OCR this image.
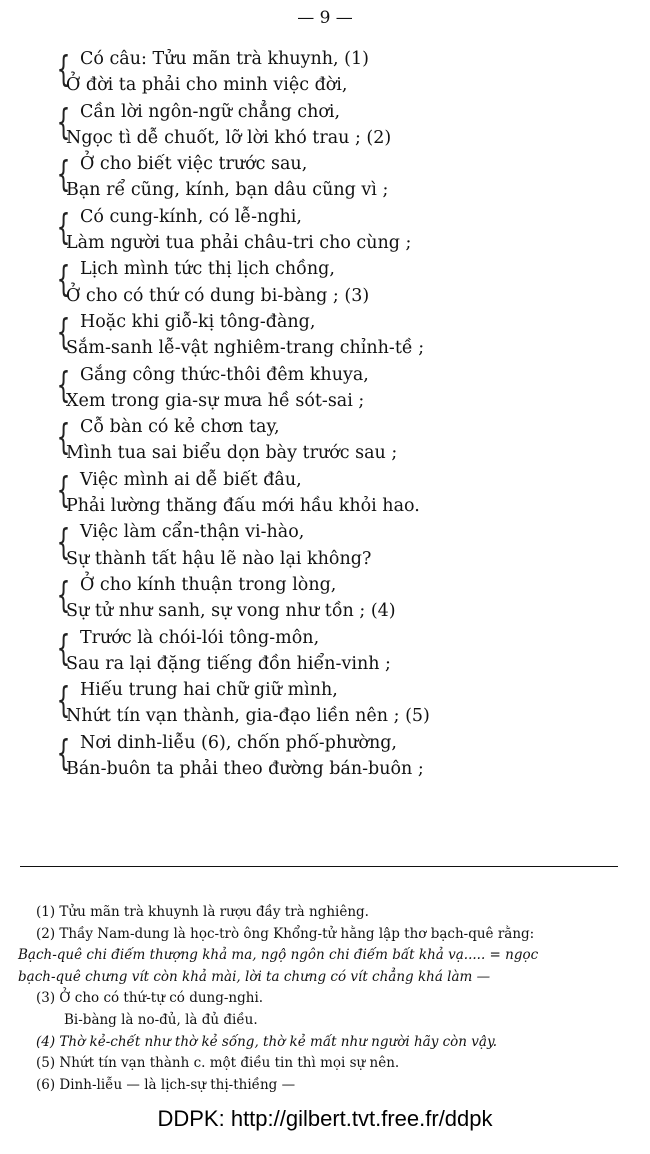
— 9 —
{ Có câu: Tửu mãn trà khuynh, (1)
Ở đời ta phải cho minh việc đời,
{ Cần lời ngôn-ngữ chẳng chơi,
Ngọc tì dễ chuốt, lỡ lời khó trau ; (2)
{ Ở cho biết việc trước sau,
Bạn rể cũng, kính, bạn dâu cũng vì ;
{ Có cung-kính, có lễ-nghi,
Làm người tua phải châu-tri cho cùng ;
{ Lịch mình tức thị lịch chồng,
Ở cho có thứ có dung bi-bàng ; (3)
{ Hoặc khi giỗ-kị tông-đàng,
Sắm-sanh lễ-vật nghiêm-trang chỉnh-tề ;
{ Gắng công thức-thôi đêm khuya,
Xem trong gia-sự mưa hề sót-sai ;
{ Cỗ bàn có kẻ chơn tay,
Mình tua sai biểu dọn bày trước sau ;
{ Việc mình ai dễ biết đâu,
Phải lường thăng đấu mới hầu khỏi hao.
{ Việc làm cẩn-thận vi-hào,
Sự thành tất hậu lẽ nào lại không?
{ Ở cho kính thuận trong lòng,
Sự tử như sanh, sự vong như tồn ; (4)
{ Trước là chói-lói tông-môn,
Sau ra lại đặng tiếng đồn hiển-vinh ;
{ Hiếu trung hai chữ giữ mình,
Nhứt tín vạn thành, gia-đạo liền nên ; (5)
{ Nơi dinh-liễu (6), chốn phố-phường,
Bán-buôn ta phải theo đường bán-buôn ;
(1) Tửu mãn trà khuynh là rượu đầy trà nghiêng.
(2) Thầy Nam-dung là học-trò ông Khổng-tử hằng lập thơ bạch-quê rằng:
Bạch-quê chi điếm thượng khả ma, ngộ ngôn chi điếm bất khả vạ..... = ngọc
bạch-quê chưng vít còn khả mài, lời ta chưng có vít chẳng khá làm —
(3) Ở cho có thứ-tự có dung-nghi.
Bi-bàng là no-đủ, là đủ điều.
(4) Thờ kẻ-chết như thờ kẻ sống, thờ kẻ mất như người hãy còn vậy.
(5) Nhứt tín vạn thành c. một điều tin thì mọi sự nên.
(6) Dinh-liễu — là lịch-sự thị-thiềng —
DDPK: http://gilbert.tvt.free.fr/ddpk
